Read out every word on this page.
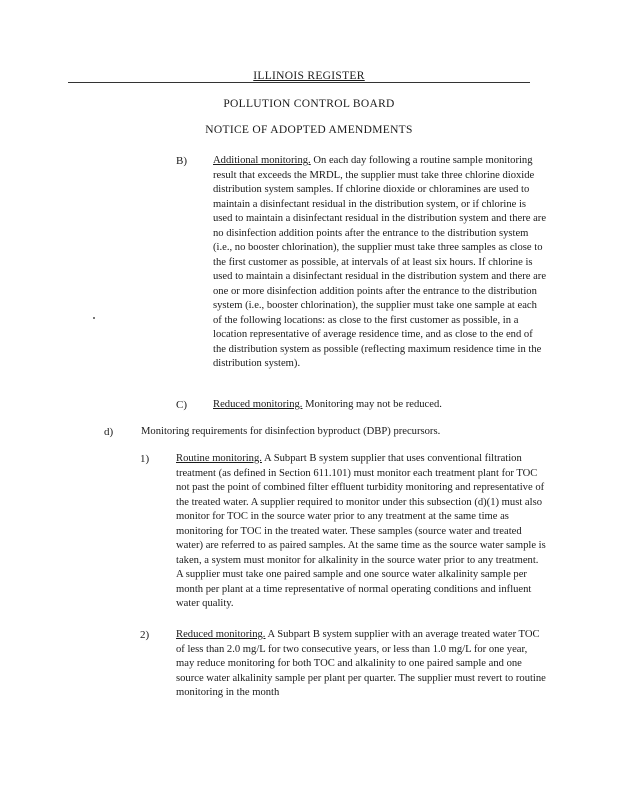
ILLINOIS REGISTER
POLLUTION CONTROL BOARD
NOTICE OF ADOPTED AMENDMENTS
B) Additional monitoring. On each day following a routine sample monitoring result that exceeds the MRDL, the supplier must take three chlorine dioxide distribution system samples. If chlorine dioxide or chloramines are used to maintain a disinfectant residual in the distribution system, or if chlorine is used to maintain a disinfectant residual in the distribution system and there are no disinfection addition points after the entrance to the distribution system (i.e., no booster chlorination), the supplier must take three samples as close to the first customer as possible, at intervals of at least six hours. If chlorine is used to maintain a disinfectant residual in the distribution system and there are one or more disinfection addition points after the entrance to the distribution system (i.e., booster chlorination), the supplier must take one sample at each of the following locations: as close to the first customer as possible, in a location representative of average residence time, and as close to the end of the distribution system as possible (reflecting maximum residence time in the distribution system).
C) Reduced monitoring. Monitoring may not be reduced.
d)	Monitoring requirements for disinfection byproduct (DBP) precursors.
1)	Routine monitoring. A Subpart B system supplier that uses conventional filtration treatment (as defined in Section 611.101) must monitor each treatment plant for TOC not past the point of combined filter effluent turbidity monitoring and representative of the treated water. A supplier required to monitor under this subsection (d)(1) must also monitor for TOC in the source water prior to any treatment at the same time as monitoring for TOC in the treated water. These samples (source water and treated water) are referred to as paired samples. At the same time as the source water sample is taken, a system must monitor for alkalinity in the source water prior to any treatment. A supplier must take one paired sample and one source water alkalinity sample per month per plant at a time representative of normal operating conditions and influent water quality.
2)	Reduced monitoring. A Subpart B system supplier with an average treated water TOC of less than 2.0 mg/L for two consecutive years, or less than 1.0 mg/L for one year, may reduce monitoring for both TOC and alkalinity to one paired sample and one source water alkalinity sample per plant per quarter. The supplier must revert to routine monitoring in the month
